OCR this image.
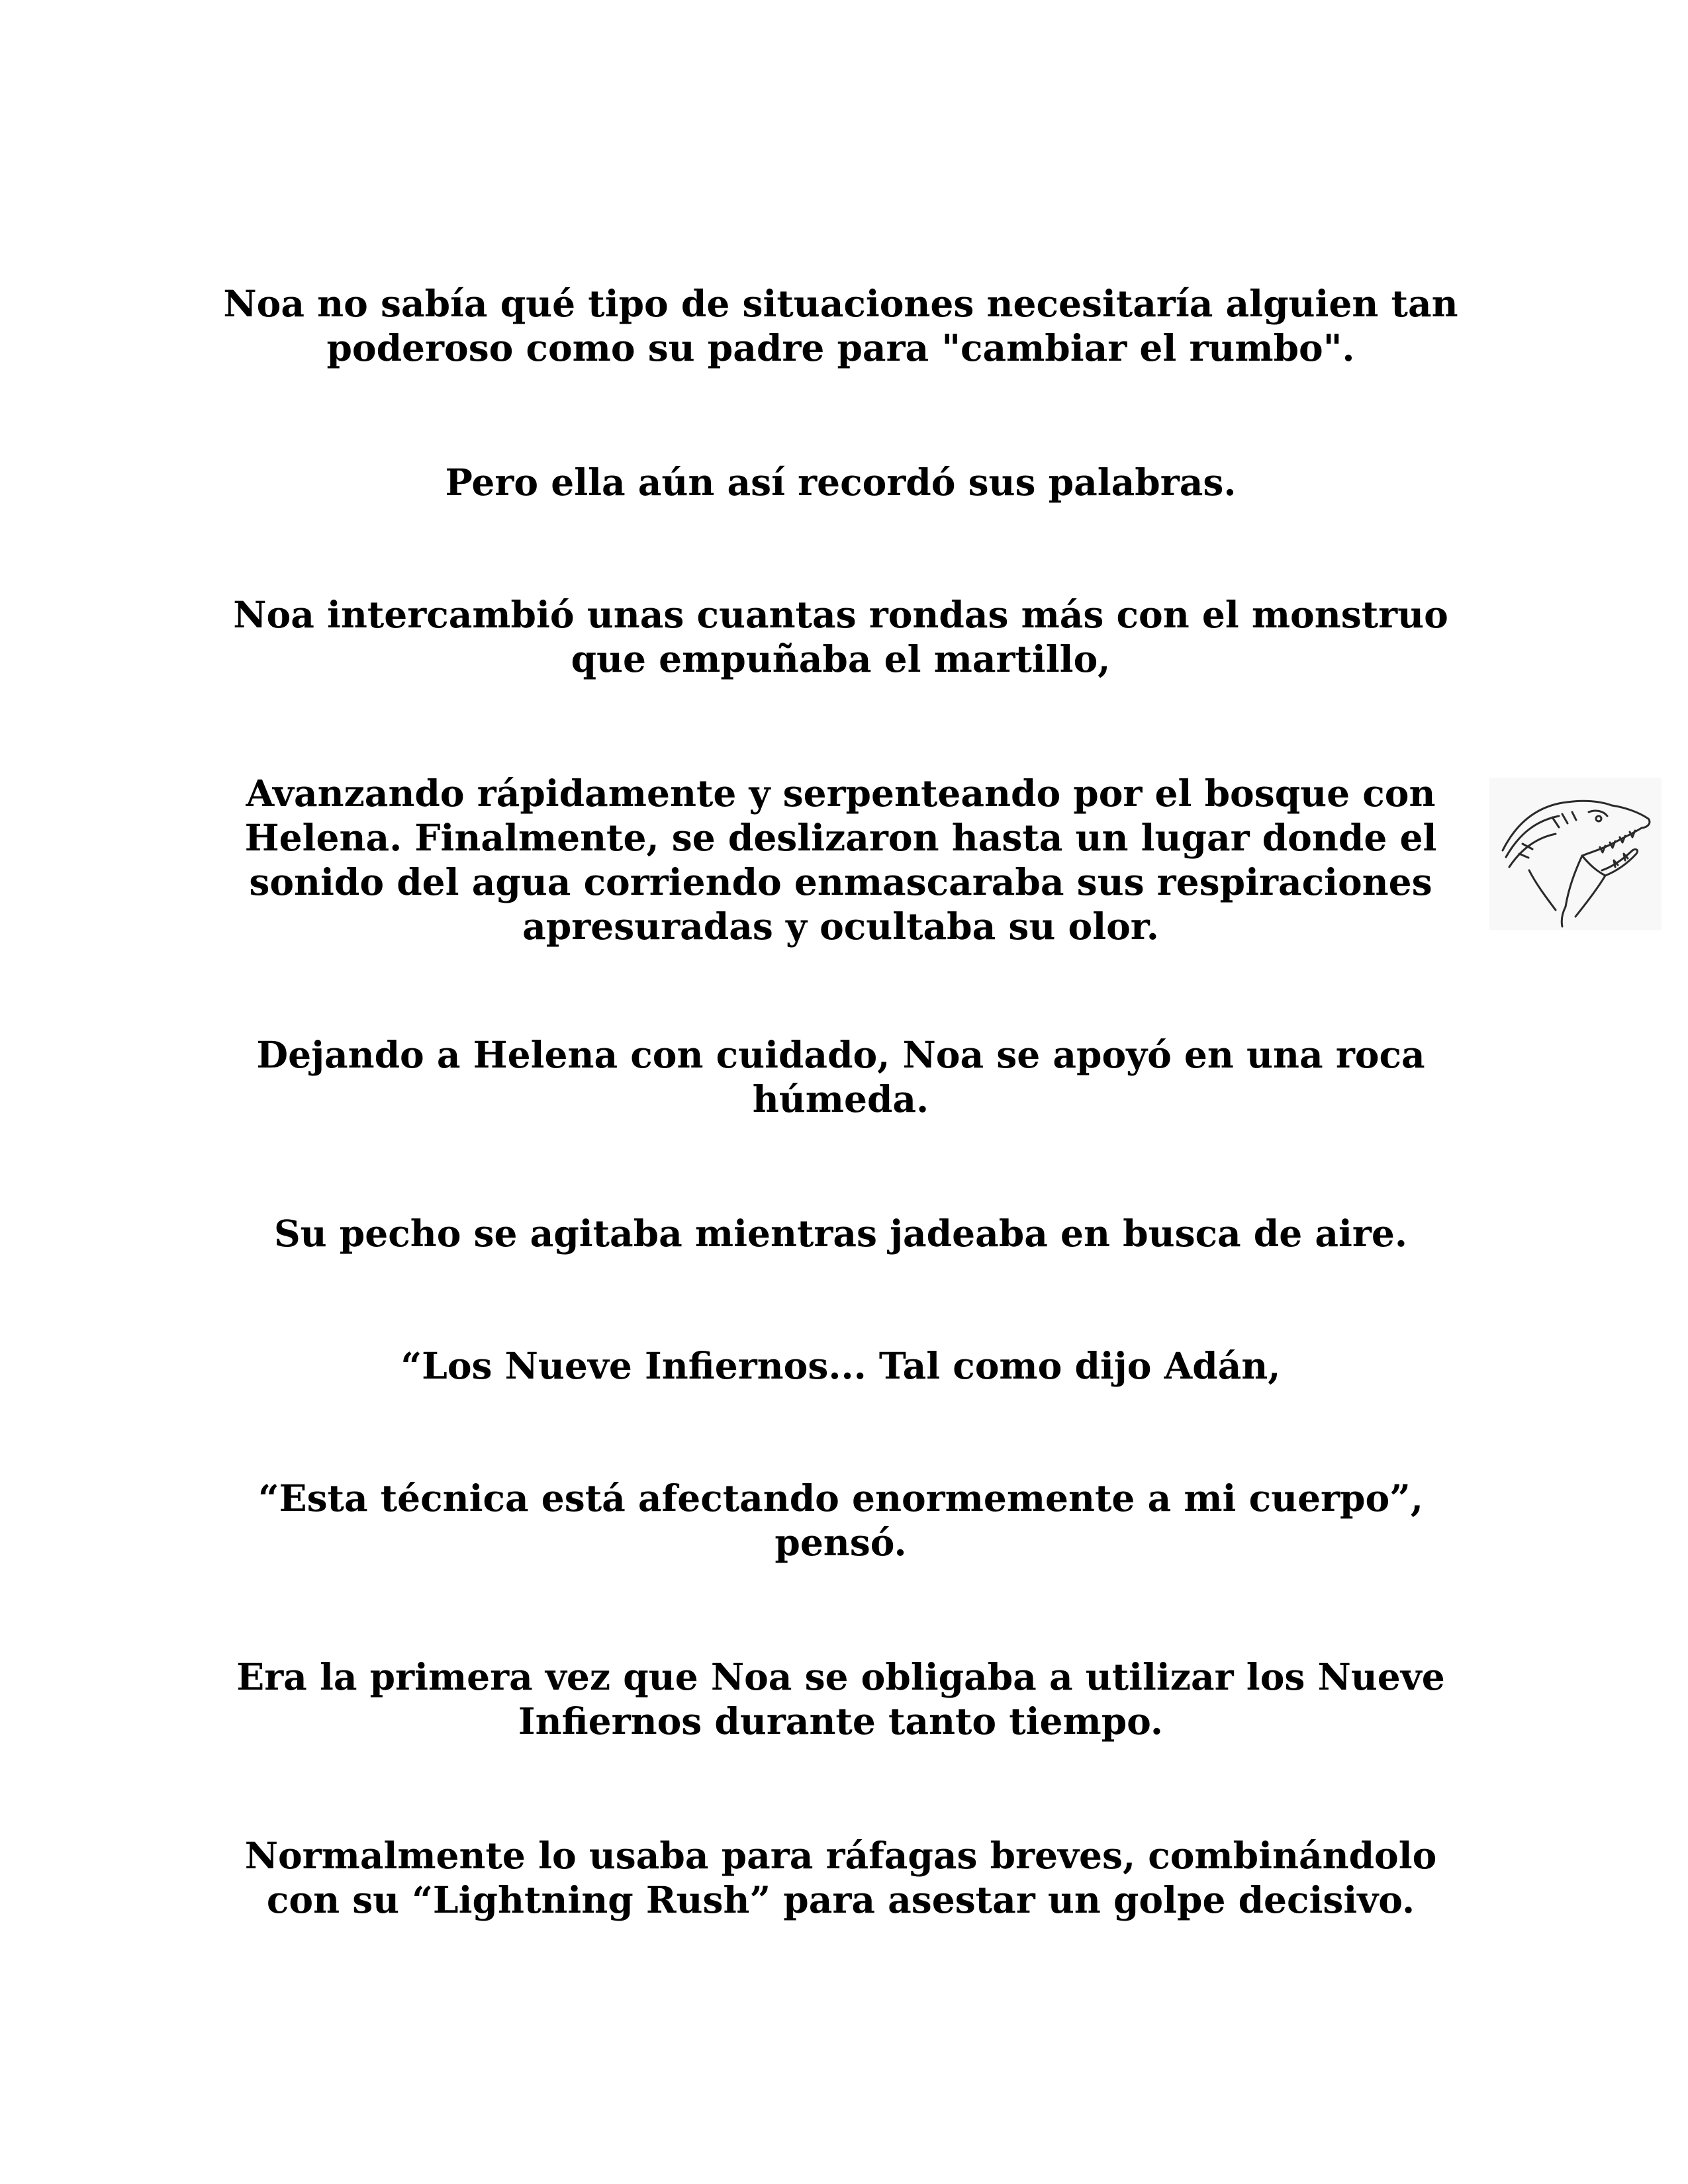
Noa no sabía qué tipo de situaciones necesitaría alguien tan poderoso como su padre para "cambiar el rumbo".

Pero ella aún así recordó sus palabras.

Noa intercambió unas cuantas rondas más con el monstruo que empuñaba el martillo,

Avanzando rápidamente y serpenteando por el bosque con Helena. Finalmente, se deslizaron hasta un lugar donde el sonido del agua corriendo enmascaraba sus respiraciones apresuradas y ocultaba su olor.

Dejando a Helena con cuidado, Noa se apoyó en una roca húmeda.

Su pecho se agitaba mientras jadeaba en busca de aire.

“Los Nueve Infiernos... Tal como dijo Adán,

“Esta técnica está afectando enormemente a mi cuerpo”, pensó.

Era la primera vez que Noa se obligaba a utilizar los Nueve Infiernos durante tanto tiempo.

Normalmente lo usaba para ráfagas breves, combinándolo con su “Lightning Rush” para asestar un golpe decisivo.
